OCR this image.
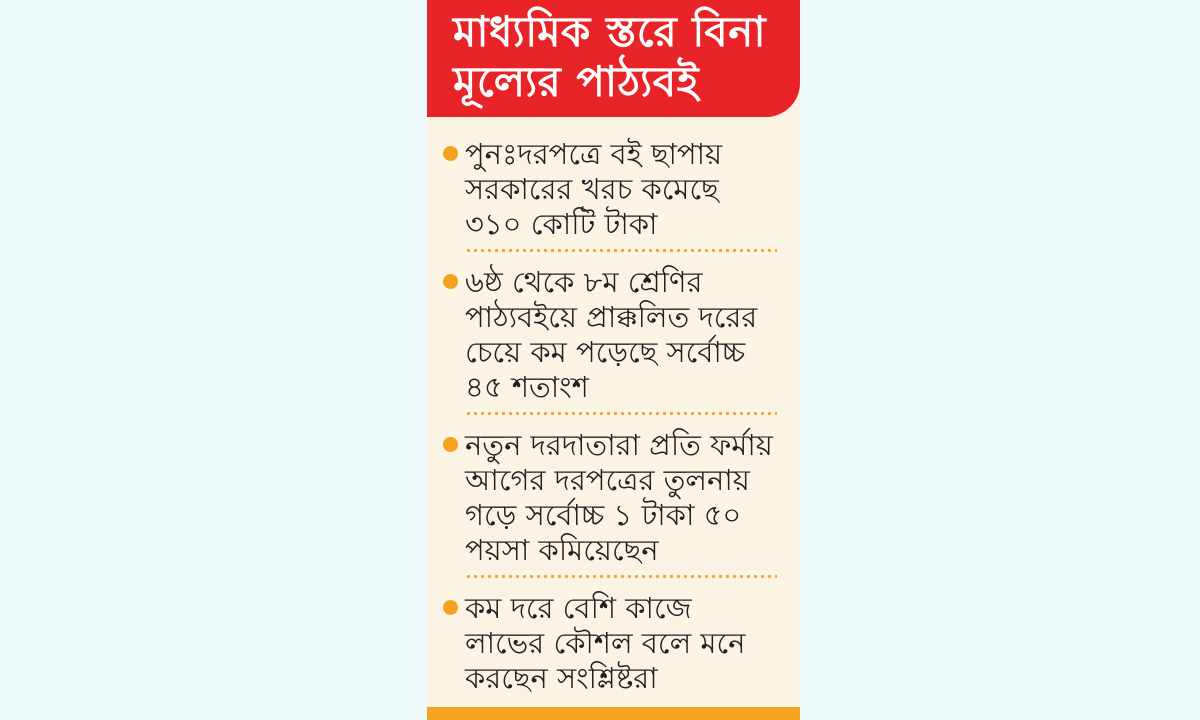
মাধ্যমিক স্তরে বিনা
মূল্যের পাঠ্যবই
পুনঃদরপত্রে বই ছাপায়
সরকারের খরচ কমেছে
৩১০ কোটি টাকা
৬ষ্ঠ থেকে ৮ম শ্রেণির
পাঠ্যবইয়ে প্রাক্কলিত দরের
চেয়ে কম পড়েছে সর্বোচ্চ
৪৫ শতাংশ
নতুন দরদাতারা প্রতি ফর্মায়
আগের দরপত্রের তুলনায়
গড়ে সর্বোচ্চ ১ টাকা ৫০
পয়সা কমিয়েছেন
কম দরে বেশি কাজে
লাভের কৌশল বলে মনে
করছেন সংশ্লিষ্টরা
